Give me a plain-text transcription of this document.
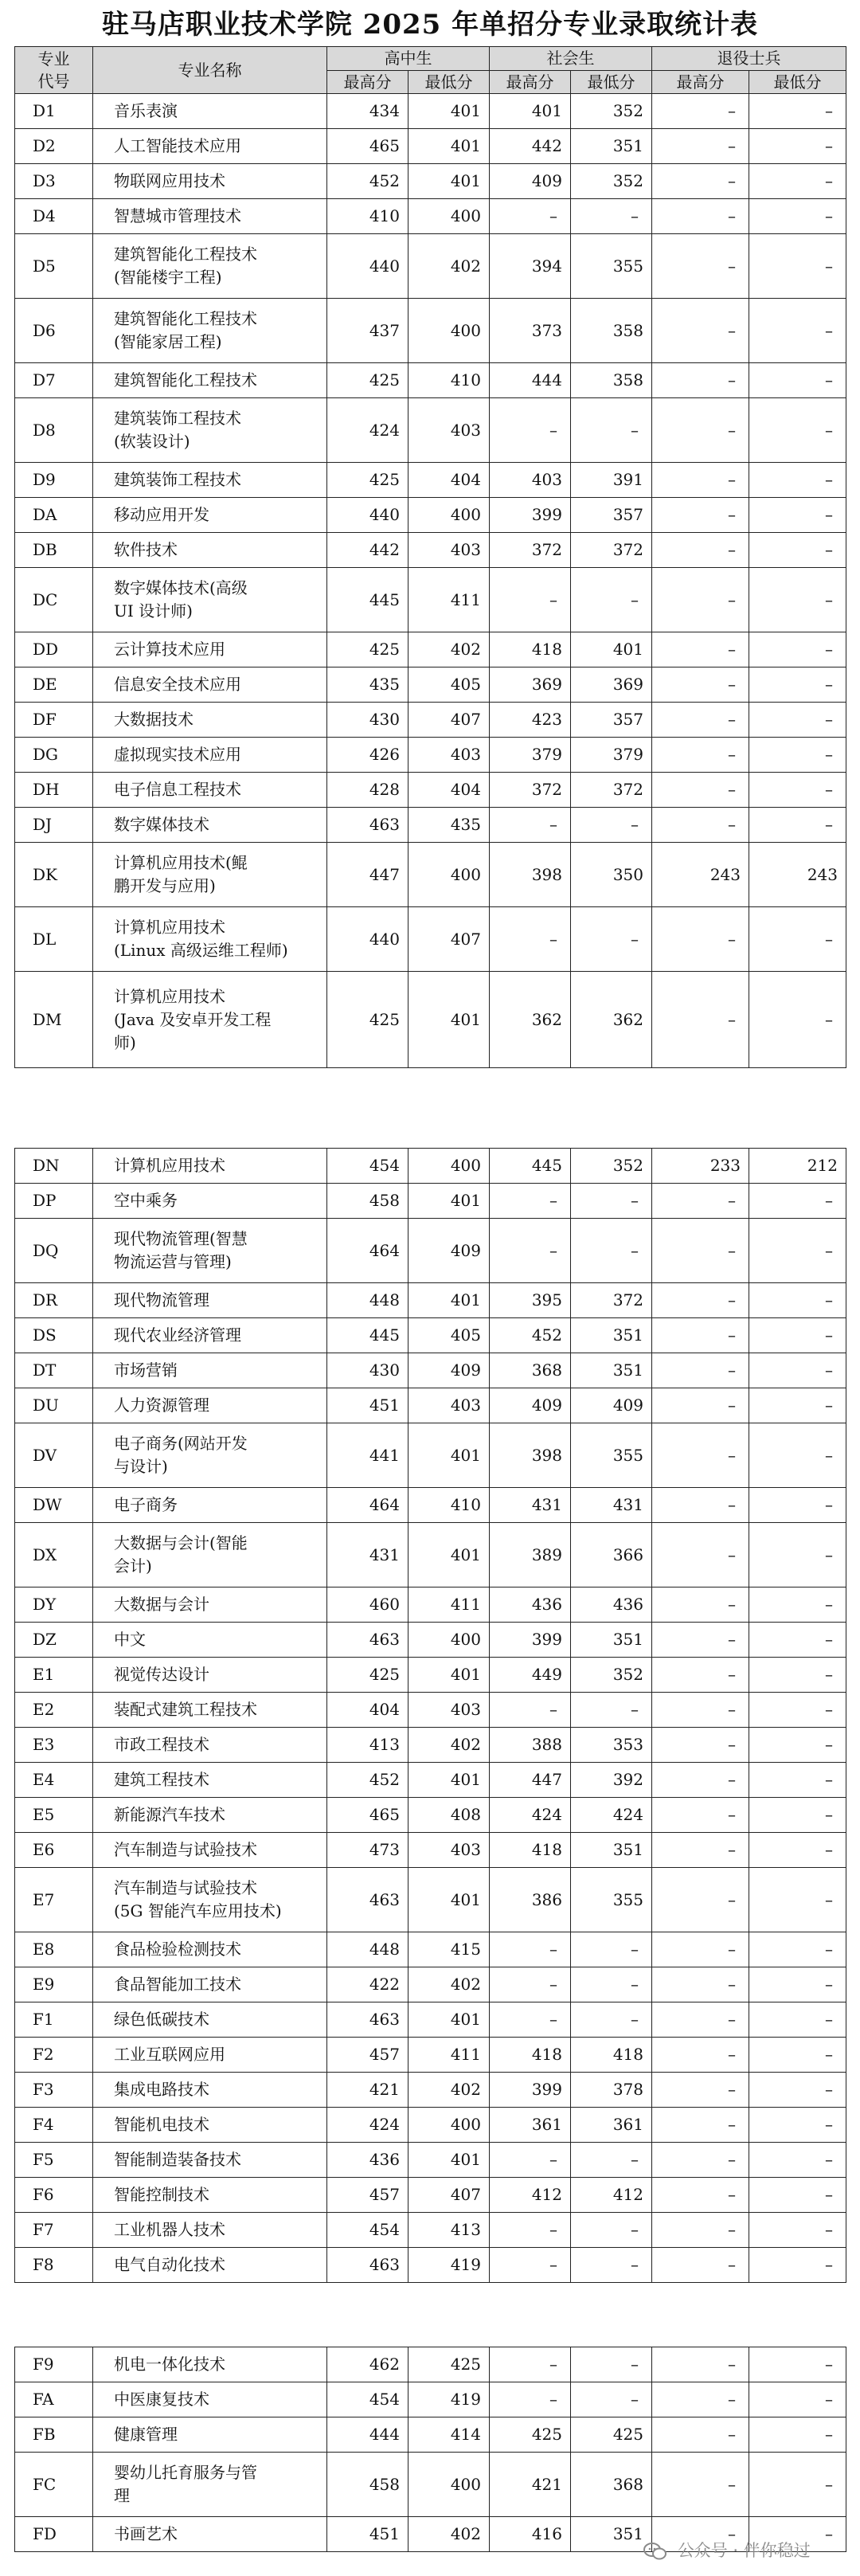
驻马店职业技术学院 2025 年单招分专业录取统计表
专业
代号	专业名称	高中生		社会生		退役士兵	
		最高分	最低分	最高分	最低分	最高分	最低分
D1	音乐表演	434	401	401	352	–	–
D2	人工智能技术应用	465	401	442	351	–	–
D3	物联网应用技术	452	401	409	352	–	–
D4	智慧城市管理技术	410	400	–	–	–	–
D5	建筑智能化工程技术
(智能楼宇工程)	440	402	394	355	–	–
D6	建筑智能化工程技术
(智能家居工程)	437	400	373	358	–	–
D7	建筑智能化工程技术	425	410	444	358	–	–
D8	建筑装饰工程技术
(软装设计)	424	403	–	–	–	–
D9	建筑装饰工程技术	425	404	403	391	–	–
DA	移动应用开发	440	400	399	357	–	–
DB	软件技术	442	403	372	372	–	–
DC	数字媒体技术(高级
UI 设计师)	445	411	–	–	–	–
DD	云计算技术应用	425	402	418	401	–	–
DE	信息安全技术应用	435	405	369	369	–	–
DF	大数据技术	430	407	423	357	–	–
DG	虚拟现实技术应用	426	403	379	379	–	–
DH	电子信息工程技术	428	404	372	372	–	–
DJ	数字媒体技术	463	435	–	–	–	–
DK	计算机应用技术(鲲
鹏开发与应用)	447	400	398	350	243	243
DL	计算机应用技术
(Linux 高级运维工程师)	440	407	–	–	–	–
DM	计算机应用技术
(Java 及安卓开发工程
师)	425	401	362	362	–	–
DN	计算机应用技术	454	400	445	352	233	212
DP	空中乘务	458	401	–	–	–	–
DQ	现代物流管理(智慧
物流运营与管理)	464	409	–	–	–	–
DR	现代物流管理	448	401	395	372	–	–
DS	现代农业经济管理	445	405	452	351	–	–
DT	市场营销	430	409	368	351	–	–
DU	人力资源管理	451	403	409	409	–	–
DV	电子商务(网站开发
与设计)	441	401	398	355	–	–
DW	电子商务	464	410	431	431	–	–
DX	大数据与会计(智能
会计)	431	401	389	366	–	–
DY	大数据与会计	460	411	436	436	–	–
DZ	中文	463	400	399	351	–	–
E1	视觉传达设计	425	401	449	352	–	–
E2	装配式建筑工程技术	404	403	–	–	–	–
E3	市政工程技术	413	402	388	353	–	–
E4	建筑工程技术	452	401	447	392	–	–
E5	新能源汽车技术	465	408	424	424	–	–
E6	汽车制造与试验技术	473	403	418	351	–	–
E7	汽车制造与试验技术
(5G 智能汽车应用技术)	463	401	386	355	–	–
E8	食品检验检测技术	448	415	–	–	–	–
E9	食品智能加工技术	422	402	–	–	–	–
F1	绿色低碳技术	463	401	–	–	–	–
F2	工业互联网应用	457	411	418	418	–	–
F3	集成电路技术	421	402	399	378	–	–
F4	智能机电技术	424	400	361	361	–	–
F5	智能制造装备技术	436	401	–	–	–	–
F6	智能控制技术	457	407	412	412	–	–
F7	工业机器人技术	454	413	–	–	–	–
F8	电气自动化技术	463	419	–	–	–	–
F9	机电一体化技术	462	425	–	–	–	–
FA	中医康复技术	454	419	–	–	–	–
FB	健康管理	444	414	425	425	–	–
FC	婴幼儿托育服务与管
理	458	400	421	368	–	–
FD	书画艺术	451	402	416	351	–	–
公众号 · 伴你稳过
